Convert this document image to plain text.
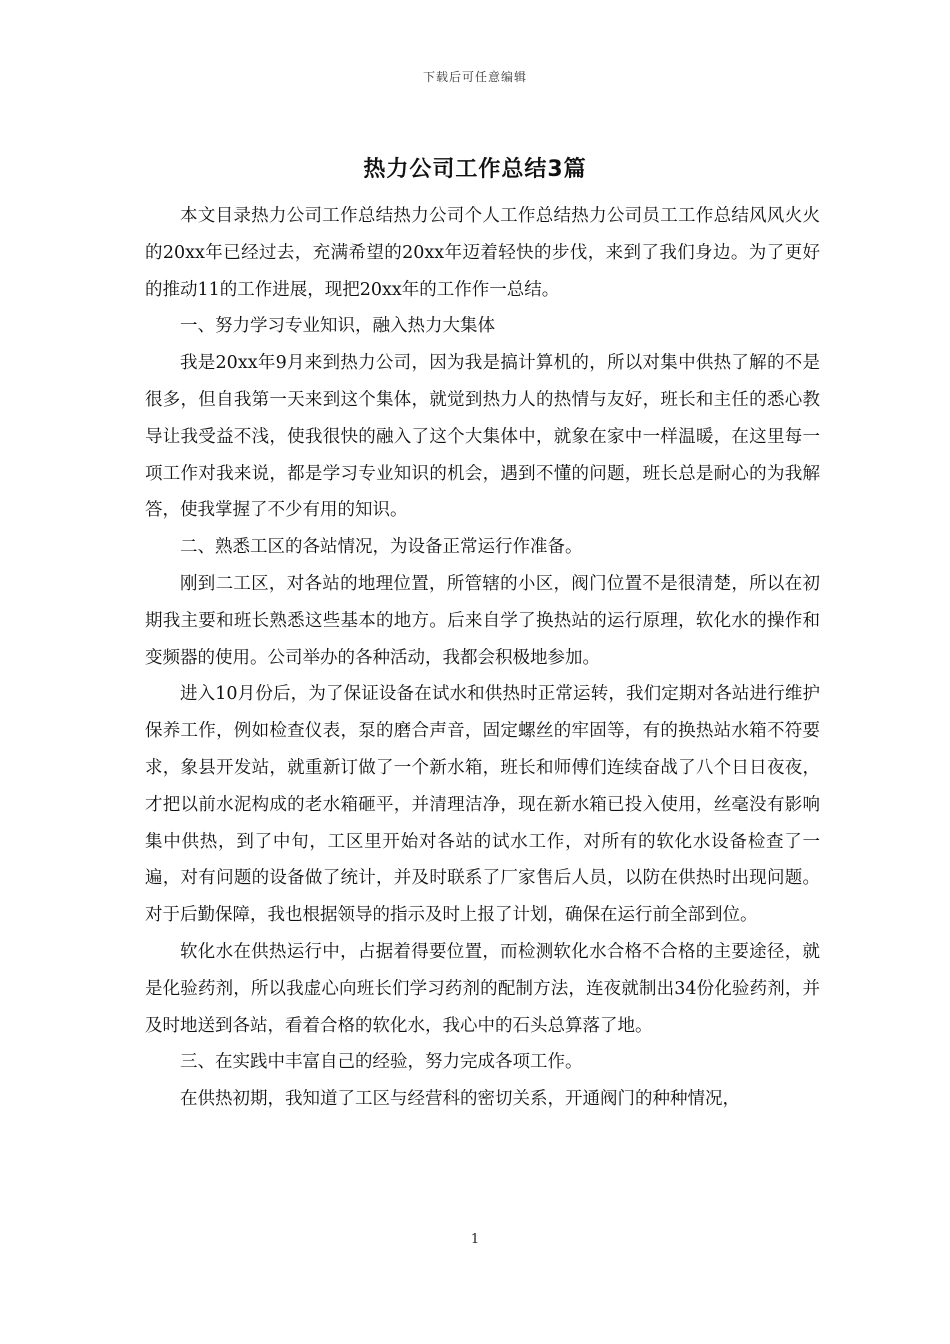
下载后可任意编辑
热力公司工作总结3篇

本文目录热力公司工作总结热力公司个人工作总结热力公司员工工作总结风风火火的20xx年已经过去，充满希望的20xx年迈着轻快的步伐，来到了我们身边。为了更好的推动11的工作进展，现把20xx年的工作作一总结。

一、努力学习专业知识，融入热力大集体

我是20xx年9月来到热力公司，因为我是搞计算机的，所以对集中供热了解的不是很多，但自我第一天来到这个集体，就觉到热力人的热情与友好，班长和主任的悉心教导让我受益不浅，使我很快的融入了这个大集体中，就象在家中一样温暖，在这里每一项工作对我来说，都是学习专业知识的机会，遇到不懂的问题，班长总是耐心的为我解答，使我掌握了不少有用的知识。

二、熟悉工区的各站情况，为设备正常运行作准备。

刚到二工区，对各站的地理位置，所管辖的小区，阀门位置不是很清楚，所以在初期我主要和班长熟悉这些基本的地方。后来自学了换热站的运行原理，软化水的操作和变频器的使用。公司举办的各种活动，我都会积极地参加。

进入10月份后，为了保证设备在试水和供热时正常运转，我们定期对各站进行维护保养工作，例如检查仪表，泵的磨合声音，固定螺丝的牢固等，有的换热站水箱不符要求，象县开发站，就重新订做了一个新水箱，班长和师傅们连续奋战了八个日日夜夜，才把以前水泥构成的老水箱砸平，并清理洁净，现在新水箱已投入使用，丝毫没有影响集中供热，到了中旬，工区里开始对各站的试水工作，对所有的软化水设备检查了一遍，对有问题的设备做了统计，并及时联系了厂家售后人员，以防在供热时出现问题。对于后勤保障，我也根据领导的指示及时上报了计划，确保在运行前全部到位。

软化水在供热运行中，占据着得要位置，而检测软化水合格不合格的主要途径，就是化验药剂，所以我虚心向班长们学习药剂的配制方法，连夜就制出34份化验药剂，并及时地送到各站，看着合格的软化水，我心中的石头总算落了地。

三、在实践中丰富自己的经验，努力完成各项工作。

在供热初期，我知道了工区与经营科的密切关系，开通阀门的种种情况，

1
